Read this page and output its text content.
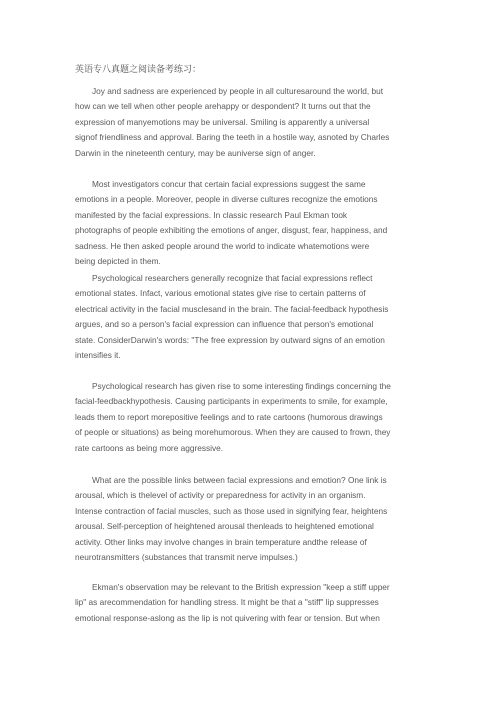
英语专八真题之阅读备考练习：
Joy and sadness are experienced by people in all culturesaround the world, but
how can we tell when other people arehappy or despondent? It turns out that the
expression of manyemotions may be universal. Smiling is apparently a universal
signof friendliness and approval. Baring the teeth in a hostile way, asnoted by Charles
Darwin in the nineteenth century, may be auniverse sign of anger.
Most investigators concur that certain facial expressions suggest the same
emotions in a people. Moreover, people in diverse cultures recognize the emotions
manifested by the facial expressions. In classic research Paul Ekman took
photographs of people exhibiting the emotions of anger, disgust, fear, happiness, and
sadness. He then asked people around the world to indicate whatemotions were
being depicted in them.
Psychological researchers generally recognize that facial expressions reflect
emotional states. Infact, various emotional states give rise to certain patterns of
electrical activity in the facial musclesand in the brain. The facial-feedback hypothesis
argues, and so a person's facial expression can influence that person's emotional
state. ConsiderDarwin's words: "The free expression by outward signs of an emotion
intensifies it.
Psychological research has given rise to some interesting findings concerning the
facial-feedbackhypothesis. Causing participants in experiments to smile, for example,
leads them to report morepositive feelings and to rate cartoons (humorous drawings
of people or situations) as being morehumorous. When they are caused to frown, they
rate cartoons as being more aggressive.
What are the possible links between facial expressions and emotion? One link is
arousal, which is thelevel of activity or preparedness for activity in an organism.
Intense contraction of facial muscles, such as those used in signifying fear, heightens
arousal. Self-perception of heightened arousal thenleads to heightened emotional
activity. Other links may involve changes in brain temperature andthe release of
neurotransmitters (substances that transmit nerve impulses.)
Ekman's observation may be relevant to the British expression "keep a stiff upper
lip" as arecommendation for handling stress. It might be that a "stiff" lip suppresses
emotional response-aslong as the lip is not quivering with fear or tension. But when
